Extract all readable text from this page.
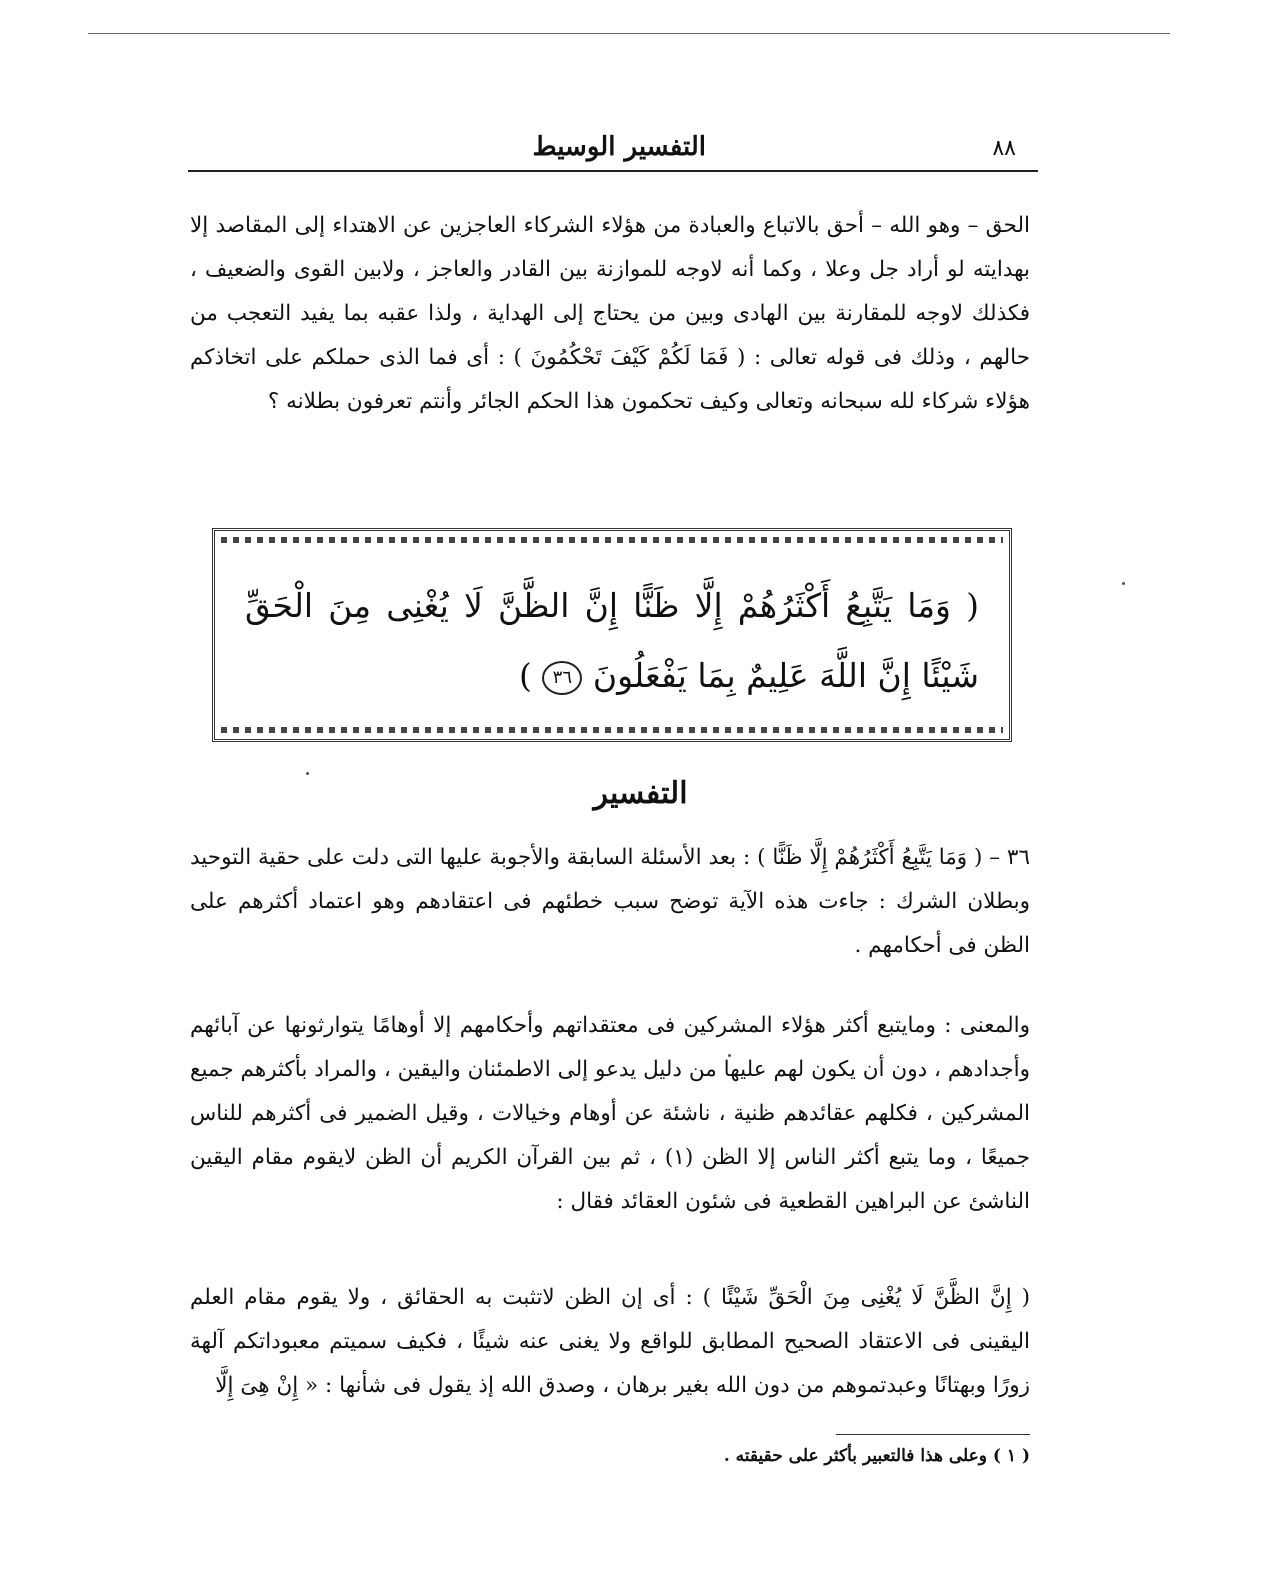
٨٨
التفسير الوسيط

الحق – وهو الله – أحق بالاتباع والعبادة من هؤلاء الشركاء العاجزين عن الاهتداء إلى المقاصد إلا بهدايته لو أراد جل وعلا ، وكما أنه لاوجه للموازنة بين القادر والعاجز ، ولابين القوى والضعيف ، فكذلك لاوجه للمقارنة بين الهادى وبين من يحتاج إلى الهداية ، ولذا عقبه بما يفيد التعجب من حالهم ، وذلك فى قوله تعالى : ( فَمَا لَكُمْ كَيْفَ تَحْكُمُونَ ) : أى فما الذى حملكم على اتخاذكم هؤلاء شركاء لله سبحانه وتعالى وكيف تحكمون هذا الحكم الجائر وأنتم تعرفون بطلانه ؟

( وَمَا يَتَّبِعُ أَكْثَرُهُمْ إِلَّا ظَنًّا إِنَّ الظَّنَّ لَا يُغْنِى مِنَ الْحَقِّ شَيْئًا إِنَّ اللَّهَ عَلِيمٌ بِمَا يَفْعَلُونَ ٣٦ )

التفسير

٣٦ – ( وَمَا يَتَّبِعُ أَكْثَرُهُمْ إِلَّا ظَنًّا ) : بعد الأسئلة السابقة والأجوبة عليها التى دلت على حقية التوحيد وبطلان الشرك : جاءت هذه الآية توضح سبب خطئهم فى اعتقادهم وهو اعتماد أكثرهم على الظن فى أحكامهم .

والمعنى : ومايتبع أكثر هؤلاء المشركين فى معتقداتهم وأحكامهم إلا أوهامًا يتوارثونها عن آبائهم وأجدادهم ، دون أن يكون لهم عليها من دليل يدعو إلى الاطمئنان واليقين ، والمراد بأكثرهم جميع المشركين ، فكلهم عقائدهم ظنية ، ناشئة عن أوهام وخيالات ، وقيل الضمير فى أكثرهم للناس جميعًا ، وما يتبع أكثر الناس إلا الظن (١) ، ثم بين القرآن الكريم أن الظن لايقوم مقام اليقين الناشئ عن البراهين القطعية فى شئون العقائد فقال :

( إِنَّ الظَّنَّ لَا يُغْنِى مِنَ الْحَقِّ شَيْئًا ) : أى إن الظن لاتثبت به الحقائق ، ولا يقوم مقام العلم اليقينى فى الاعتقاد الصحيح المطابق للواقع ولا يغنى عنه شيئًا ، فكيف سميتم معبوداتكم آلهة زورًا وبهتانًا وعبدتموهم من دون الله بغير برهان ، وصدق الله إذ يقول فى شأنها : « إِنْ هِىَ إِلَّا

( ١ ) وعلى هذا فالتعبير بأكثر على حقيقته .
